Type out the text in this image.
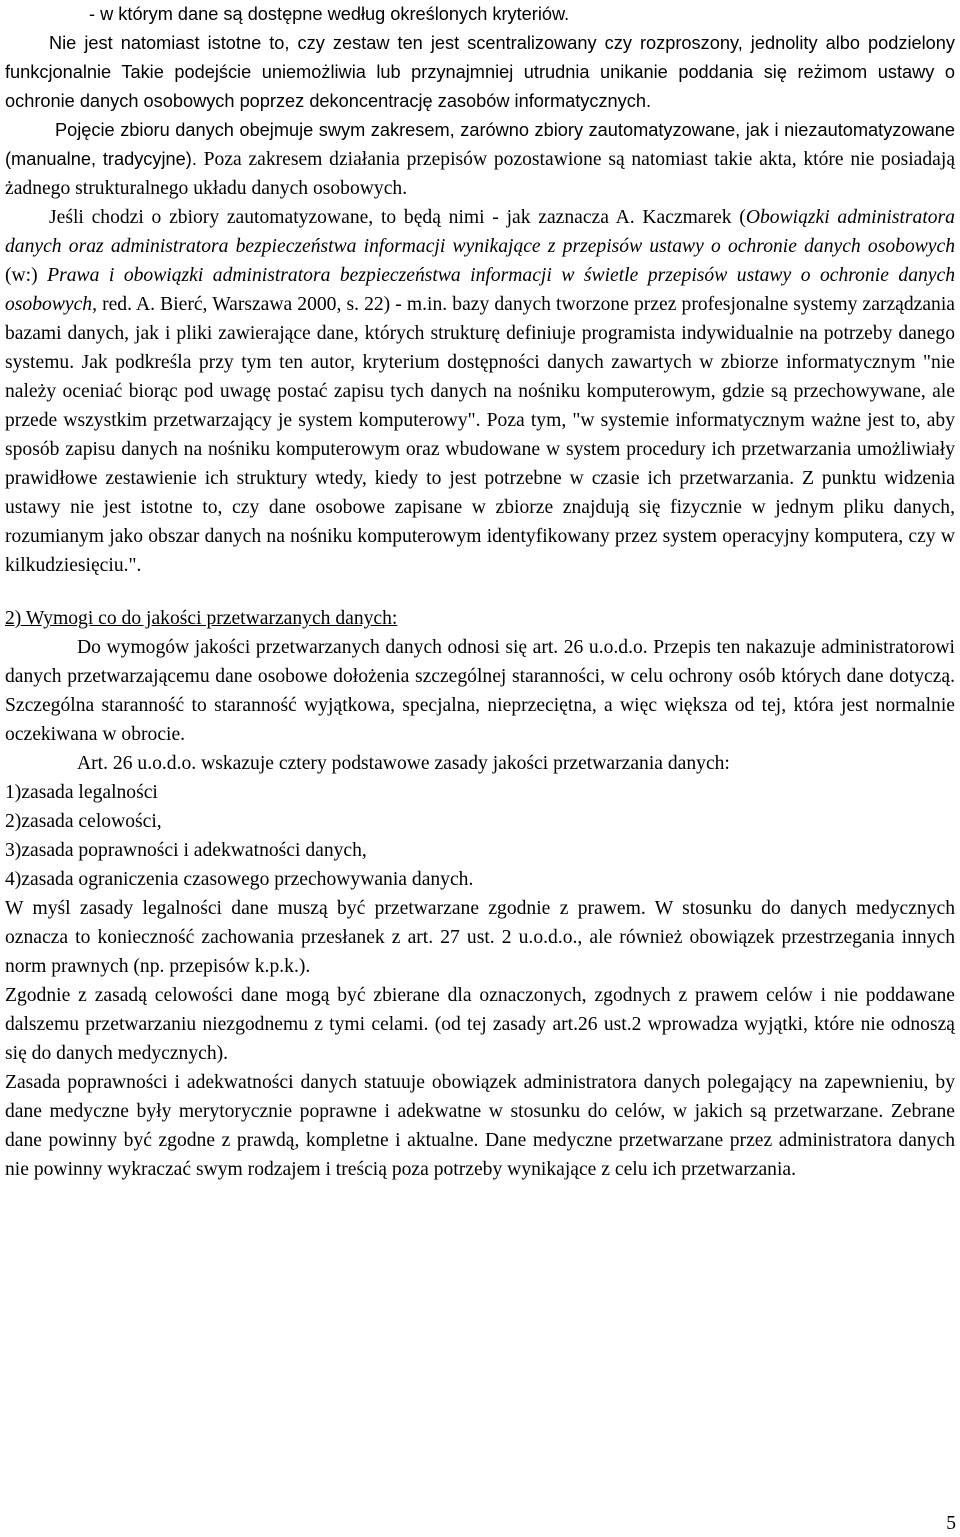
- w którym dane są dostępne według określonych kryteriów.

Nie jest natomiast istotne to, czy zestaw ten jest scentralizowany czy rozproszony, jednolity albo podzielony funkcjonalnie Takie podejście uniemożliwia lub przynajmniej utrudnia unikanie poddania się reżimom ustawy o ochronie danych osobowych poprzez dekoncentrację zasobów informatycznych.

Pojęcie zbioru danych obejmuje swym zakresem, zarówno zbiory zautomatyzowane, jak i niezautomatyzowane (manualne, tradycyjne). Poza zakresem działania przepisów pozostawione są natomiast takie akta, które nie posiadają żadnego strukturalnego układu danych osobowych.

Jeśli chodzi o zbiory zautomatyzowane, to będą nimi - jak zaznacza A. Kaczmarek (Obowiązki administratora danych oraz administratora bezpieczeństwa informacji wynikające z przepisów ustawy o ochronie danych osobowych (w:) Prawa i obowiązki administratora bezpieczeństwa informacji w świetle przepisów ustawy o ochronie danych osobowych, red. A. Bierć, Warszawa 2000, s. 22) - m.in. bazy danych tworzone przez profesjonalne systemy zarządzania bazami danych, jak i pliki zawierające dane, których strukturę definiuje programista indywidualnie na potrzeby danego systemu. Jak podkreśla przy tym ten autor, kryterium dostępności danych zawartych w zbiorze informatycznym "nie należy oceniać biorąc pod uwagę postać zapisu tych danych na nośniku komputerowym, gdzie są przechowywane, ale przede wszystkim przetwarzający je system komputerowy". Poza tym, "w systemie informatycznym ważne jest to, aby sposób zapisu danych na nośniku komputerowym oraz wbudowane w system procedury ich przetwarzania umożliwiały prawidłowe zestawienie ich struktury wtedy, kiedy to jest potrzebne w czasie ich przetwarzania. Z punktu widzenia ustawy nie jest istotne to, czy dane osobowe zapisane w zbiorze znajdują się fizycznie w jednym pliku danych, rozumianym jako obszar danych na nośniku komputerowym identyfikowany przez system operacyjny komputera, czy w kilkudziesięciu.".

2) Wymogi co do jakości przetwarzanych danych:

Do wymogów jakości przetwarzanych danych odnosi się art. 26 u.o.d.o. Przepis ten nakazuje administratorowi danych przetwarzającemu dane osobowe dołożenia szczególnej staranności, w celu ochrony osób których dane dotyczą. Szczególna staranność to staranność wyjątkowa, specjalna, nieprzeciętna, a więc większa od tej, która jest normalnie oczekiwana w obrocie.

Art. 26 u.o.d.o. wskazuje cztery podstawowe zasady jakości przetwarzania danych:

1)zasada legalności

2)zasada celowości,

3)zasada poprawności i adekwatności danych,

4)zasada ograniczenia czasowego przechowywania danych.

W myśl zasady legalności dane muszą być przetwarzane zgodnie z prawem. W stosunku do danych medycznych oznacza to konieczność zachowania przesłanek z art. 27 ust. 2 u.o.d.o., ale również obowiązek przestrzegania innych norm prawnych (np. przepisów k.p.k.).

Zgodnie z zasadą celowości dane mogą być zbierane dla oznaczonych, zgodnych z prawem celów i nie poddawane dalszemu przetwarzaniu niezgodnemu z tymi celami. (od tej zasady art.26 ust.2 wprowadza wyjątki, które nie odnoszą się do danych medycznych).

Zasada poprawności i adekwatności danych statuuje obowiązek administratora danych polegający na zapewnieniu, by dane medyczne były merytorycznie poprawne i adekwatne w stosunku do celów, w jakich są przetwarzane. Zebrane dane powinny być zgodne z prawdą, kompletne i aktualne. Dane medyczne przetwarzane przez administratora danych nie powinny wykraczać swym rodzajem i treścią poza potrzeby wynikające z celu ich przetwarzania.

5
